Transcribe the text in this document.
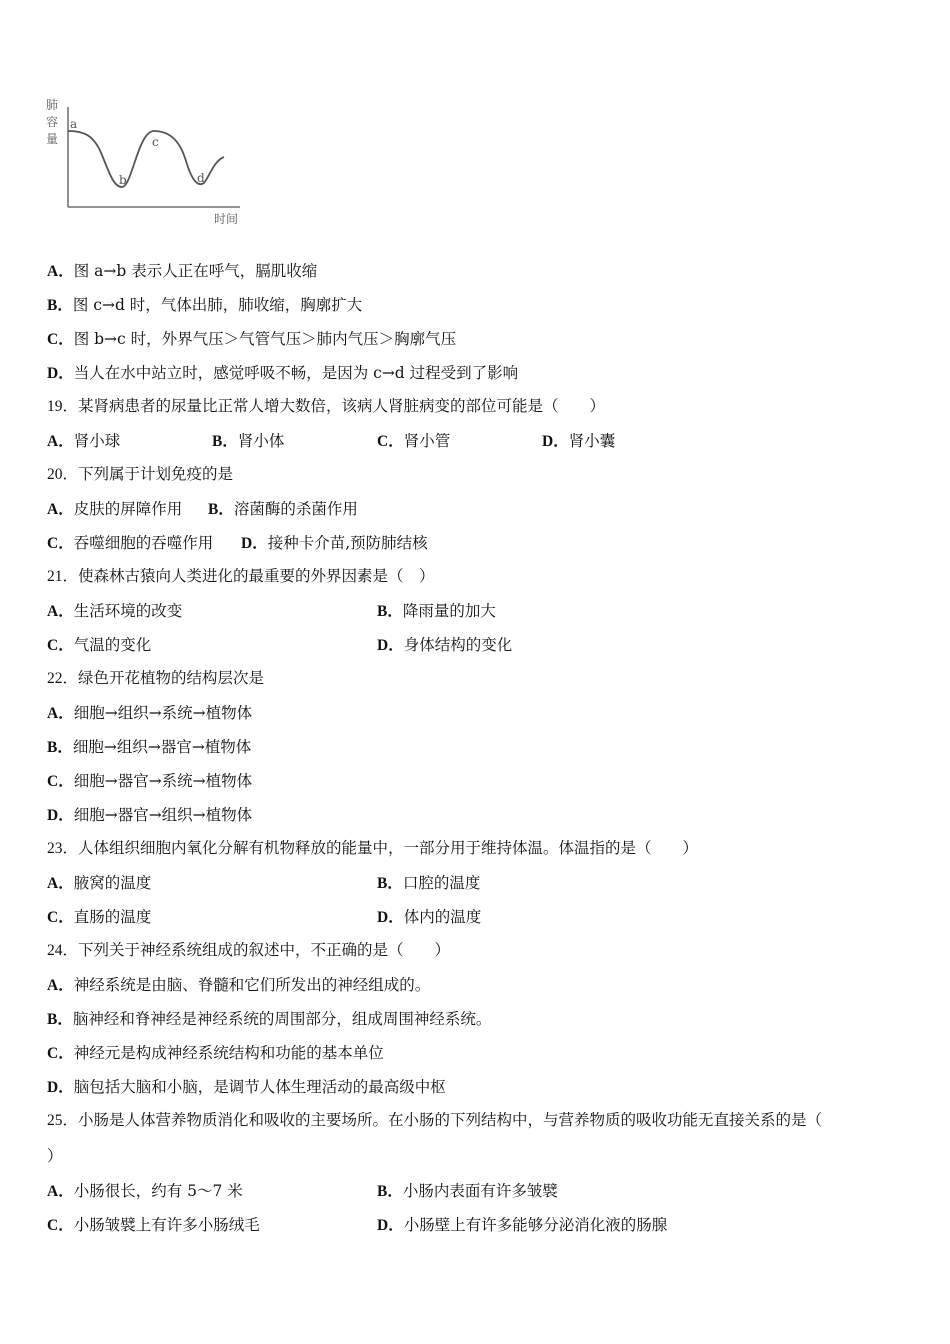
肺
容
量
时间
a
b
c
d
A．图 a→b 表示人正在呼气，膈肌收缩
B．图 c→d 时，气体出肺，肺收缩，胸廓扩大
C．图 b→c 时，外界气压＞气管气压＞肺内气压＞胸廓气压
D．当人在水中站立时，感觉呼吸不畅，是因为 c→d 过程受到了影响
19．某肾病患者的尿量比正常人增大数倍，该病人肾脏病变的部位可能是（　　）
A．肾小球	B．肾小体	C．肾小管	D．肾小囊
20．下列属于计划免疫的是
A．皮肤的屏障作用 B．溶菌酶的杀菌作用
C．吞噬细胞的吞噬作用 D．接种卡介苗,预防肺结核
21．使森林古猿向人类进化的最重要的外界因素是（　）
A．生活环境的改变	B．降雨量的加大
C．气温的变化	D．身体结构的变化
22．绿色开花植物的结构层次是
A．细胞→组织→系统→植物体
B．细胞→组织→器官→植物体
C．细胞→器官→系统→植物体
D．细胞→器官→组织→植物体
23．人体组织细胞内氧化分解有机物释放的能量中，一部分用于维持体温。体温指的是（　　）
A．腋窝的温度	B．口腔的温度
C．直肠的温度	D．体内的温度
24．下列关于神经系统组成的叙述中，不正确的是（　　）
A．神经系统是由脑、脊髓和它们所发出的神经组成的。
B．脑神经和脊神经是神经系统的周围部分，组成周围神经系统。
C．神经元是构成神经系统结构和功能的基本单位
D．脑包括大脑和小脑，是调节人体生理活动的最高级中枢
25．小肠是人体营养物质消化和吸收的主要场所。在小肠的下列结构中，与营养物质的吸收功能无直接关系的是（
）
A．小肠很长，约有 5～7 米	B．小肠内表面有许多皱襞
C．小肠皱襞上有许多小肠绒毛	D．小肠壁上有许多能够分泌消化液的肠腺
